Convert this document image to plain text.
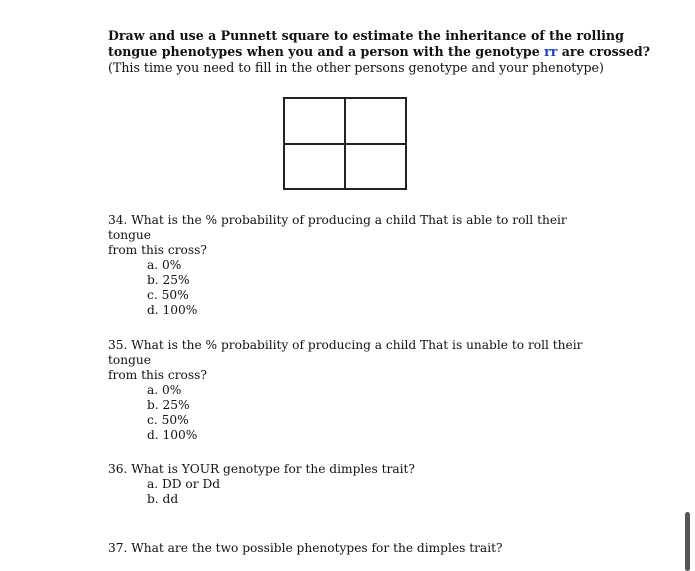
Draw and use a Punnett square to estimate the inheritance of the rolling
tongue phenotypes when you and a person with the genotype rr are crossed?
(This time you need to fill in the other persons genotype and your phenotype)
34. What is the % probability of producing a child That is able to roll their tongue
from this cross?
a. 0%
b. 25%
c. 50%
d. 100%
35. What is the % probability of producing a child That is unable to roll their tongue
from this cross?
a. 0%
b. 25%
c. 50%
d. 100%
36. What is YOUR genotype for the dimples trait?
a. DD or Dd
b. dd
37. What are the two possible phenotypes for the dimples trait?
